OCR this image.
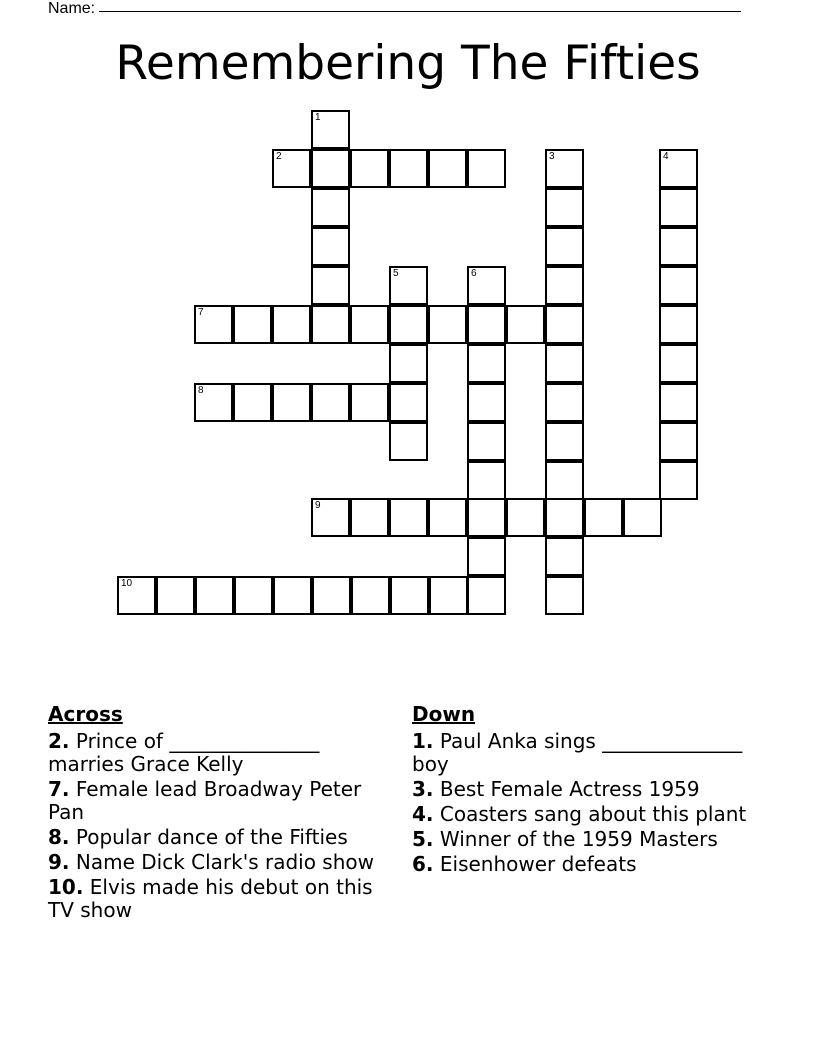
Name:
Remembering The Fifties
1
2	3	4
5	6
7
8
9
10
Across
2. Prince of _______________ marries Grace Kelly
7. Female lead Broadway Peter Pan
8. Popular dance of the Fifties
9. Name Dick Clark's radio show
10. Elvis made his debut on this TV show
Down
1. Paul Anka sings ______________ boy
3. Best Female Actress 1959
4. Coasters sang about this plant
5. Winner of the 1959 Masters
6. Eisenhower defeats
